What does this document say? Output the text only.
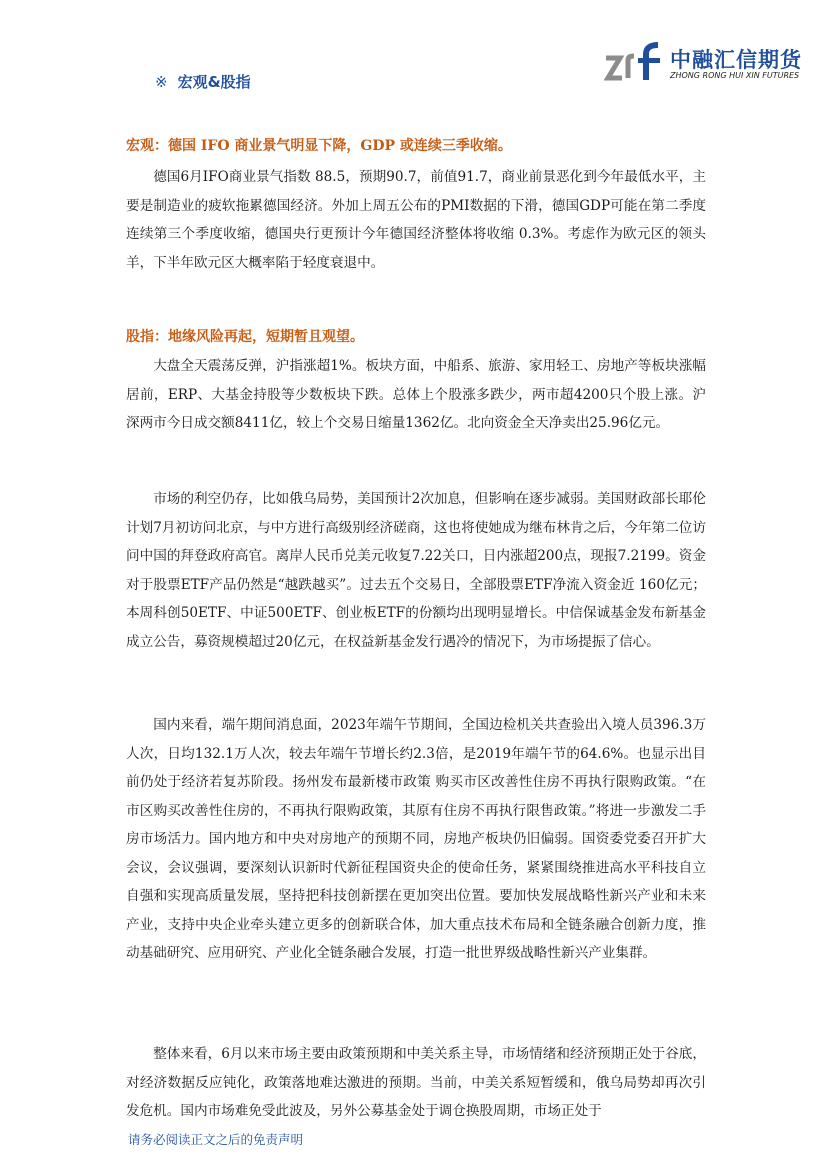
中融汇信期货
ZHONG RONG HUI XIN FUTURES
※ 宏观&股指
宏观：德国 IFO 商业景气明显下降，GDP 或连续三季收缩。

德国6月IFO商业景气指数 88.5，预期90.7，前值91.7，商业前景恶化到今年最低水平，主要是制造业的疲软拖累德国经济。外加上周五公布的PMI数据的下滑，德国GDP可能在第二季度连续第三个季度收缩，德国央行更预计今年德国经济整体将收缩 0.3%。考虑作为欧元区的领头羊，下半年欧元区大概率陷于轻度衰退中。

股指：地缘风险再起，短期暂且观望。

大盘全天震荡反弹，沪指涨超1%。板块方面，中船系、旅游、家用轻工、房地产等板块涨幅居前，ERP、大基金持股等少数板块下跌。总体上个股涨多跌少，两市超4200只个股上涨。沪深两市今日成交额8411亿，较上个交易日缩量1362亿。北向资金全天净卖出25.96亿元。

市场的利空仍存，比如俄乌局势，美国预计2次加息，但影响在逐步减弱。美国财政部长耶伦计划7月初访问北京，与中方进行高级别经济磋商，这也将使她成为继布林肯之后，今年第二位访问中国的拜登政府高官。离岸人民币兑美元收复7.22关口，日内涨超200点，现报7.2199。资金对于股票ETF产品仍然是“越跌越买”。过去五个交易日，全部股票ETF净流入资金近 160亿元；本周科创50ETF、中证500ETF、创业板ETF的份额均出现明显增长。中信保诚基金发布新基金成立公告，募资规模超过20亿元，在权益新基金发行遇冷的情况下，为市场提振了信心。

国内来看，端午期间消息面，2023年端午节期间，全国边检机关共查验出入境人员396.3万人次，日均132.1万人次，较去年端午节增长约2.3倍，是2019年端午节的64.6%。也显示出目前仍处于经济若复苏阶段。扬州发布最新楼市政策 购买市区改善性住房不再执行限购政策。“在市区购买改善性住房的，不再执行限购政策，其原有住房不再执行限售政策。”将进一步激发二手房市场活力。国内地方和中央对房地产的预期不同，房地产板块仍旧偏弱。国资委党委召开扩大会议，会议强调，要深刻认识新时代新征程国资央企的使命任务，紧紧围绕推进高水平科技自立自强和实现高质量发展，坚持把科技创新摆在更加突出位置。要加快发展战略性新兴产业和未来产业，支持中央企业牵头建立更多的创新联合体，加大重点技术布局和全链条融合创新力度，推动基础研究、应用研究、产业化全链条融合发展，打造一批世界级战略性新兴产业集群。

整体来看，6月以来市场主要由政策预期和中美关系主导，市场情绪和经济预期正处于谷底，对经济数据反应钝化，政策落地难达激进的预期。当前，中美关系短暂缓和，俄乌局势却再次引发危机。国内市场难免受此波及，另外公募基金处于调仓换股周期，市场正处于

请务必阅读正文之后的免责声明
